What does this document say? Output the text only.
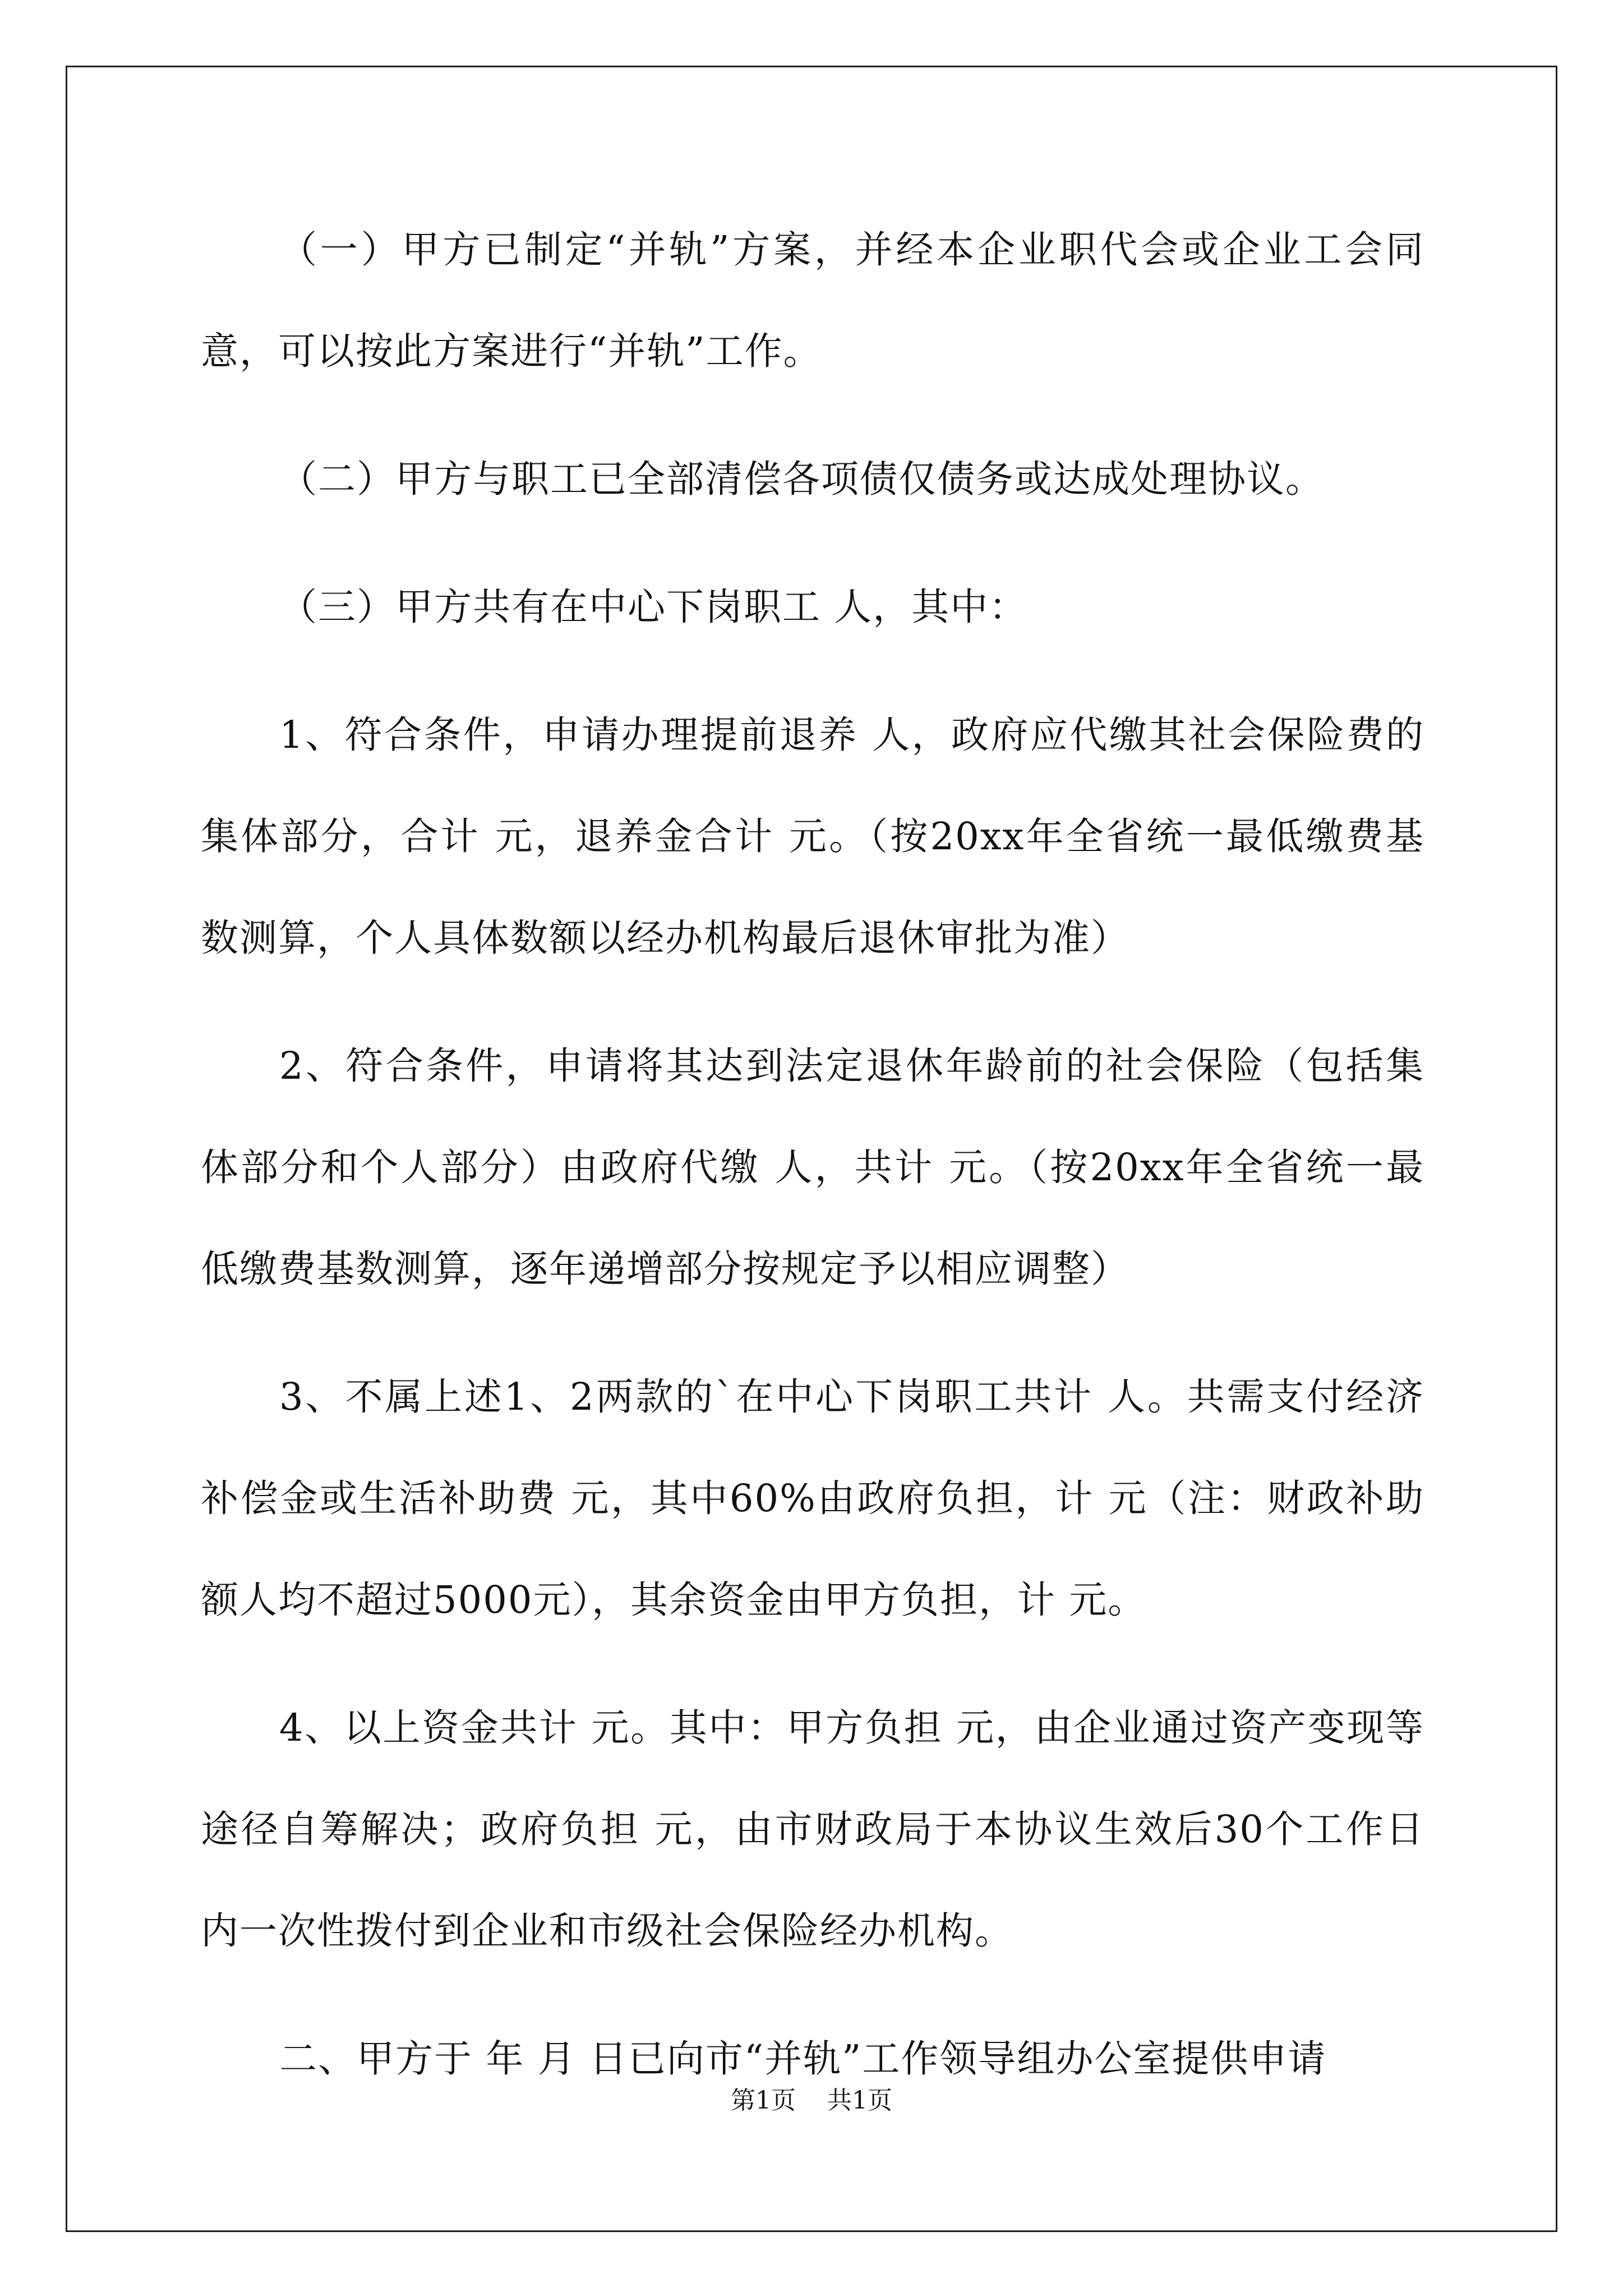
（一）甲方已制定“并轨”方案，并经本企业职代会或企业工会同意，可以按此方案进行“并轨”工作。

（二）甲方与职工已全部清偿各项债仅债务或达成处理协议。

（三）甲方共有在中心下岗职工 人，其中：

1、符合条件，申请办理提前退养 人，政府应代缴其社会保险费的集体部分，合计 元，退养金合计 元。（按20xx年全省统一最低缴费基数测算，个人具体数额以经办机构最后退休审批为准）

2、符合条件，申请将其达到法定退休年龄前的社会保险（包括集体部分和个人部分）由政府代缴 人，共计 元。（按20xx年全省统一最低缴费基数测算，逐年递增部分按规定予以相应调整）

3、不属上述1、2两款的`在中心下岗职工共计 人。共需支付经济补偿金或生活补助费 元，其中60%由政府负担，计 元（注：财政补助额人均不超过5000元），其余资金由甲方负担，计 元。

4、以上资金共计 元。其中：甲方负担 元，由企业通过资产变现等途径自筹解决；政府负担 元，由市财政局于本协议生效后30个工作日内一次性拨付到企业和市级社会保险经办机构。

二、甲方于 年 月 日已向市“并轨”工作领导组办公室提供申请

第1页 共1页
